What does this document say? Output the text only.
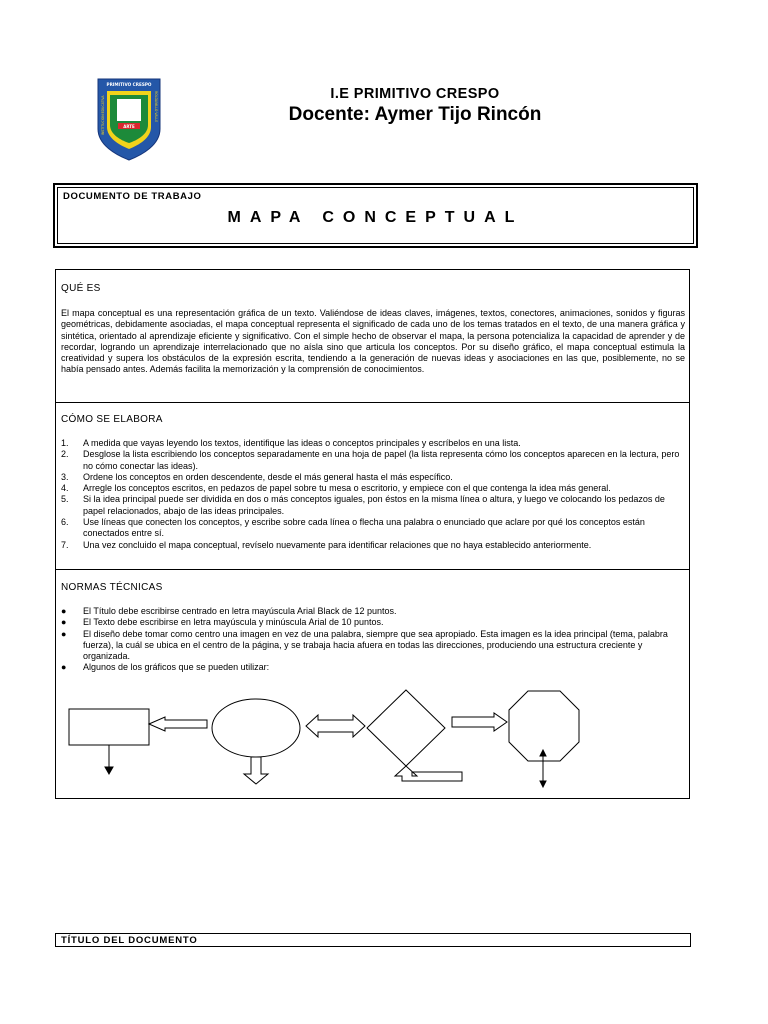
PRIMITIVO CRESPO
ARTE
INSTITUCION EDUCATIVA	ROLDANILLO VALLE	I.E PRIMITIVO CRESPO
Docente: Aymer Tijo Rincón
DOCUMENTO DE TRABAJO
MAPA CONCEPTUAL
QUÉ ES
El mapa conceptual es una representación gráfica de un texto. Valiéndose de ideas claves, imágenes, textos, conectores, animaciones, sonidos y figuras geométricas, debidamente asociadas, el mapa conceptual representa el significado de cada uno de los temas tratados en el texto, de una manera gráfica y sintética, orientado al aprendizaje eficiente y significativo. Con el simple hecho de observar el mapa, la persona potencializa la capacidad de aprender y de recordar, logrando un aprendizaje interrelacionado que no aísla sino que articula los conceptos. Por su diseño gráfico, el mapa conceptual estimula la creatividad y supera los obstáculos de la expresión escrita, tendiendo a la generación de nuevas ideas y asociaciones en las que, posiblemente, no se había pensado antes. Además facilita la memorización y la comprensión de conocimientos.
CÓMO SE ELABORA
1. A medida que vayas leyendo los textos, identifique las ideas o conceptos principales y escríbelos en una lista.
2. Desglose la lista escribiendo los conceptos separadamente en una hoja de papel (la lista representa cómo los conceptos aparecen en la lectura, pero no cómo conectar las ideas).
3. Ordene los conceptos en orden descendente, desde el más general hasta el más específico.
4. Arregle los conceptos escritos, en pedazos de papel sobre tu mesa o escritorio, y empiece con el que contenga la idea más general.
5. Si la idea principal puede ser dividida en dos o más conceptos iguales, pon éstos en la misma línea o altura, y luego ve colocando los pedazos de papel relacionados, abajo de las ideas principales.
6. Use líneas que conecten los conceptos, y escribe sobre cada línea o flecha una palabra o enunciado que aclare por qué los conceptos están conectados entre sí.
7. Una vez concluido el mapa conceptual, revíselo nuevamente para identificar relaciones que no haya establecido anteriormente.
NORMAS TÉCNICAS
● El Título debe escribirse centrado en letra mayúscula Arial Black de 12 puntos.
● El Texto debe escribirse en letra mayúscula y minúscula Arial de 10 puntos.
● El diseño debe tomar como centro una imagen en vez de una palabra, siempre que sea apropiado. Esta imagen es la idea principal (tema, palabra fuerza), la cuál se ubica en el centro de la página, y se trabaja hacia afuera en todas las direcciones, produciendo una estructura creciente y organizada.
● Algunos de los gráficos que se pueden utilizar:
TÍTULO DEL DOCUMENTO
